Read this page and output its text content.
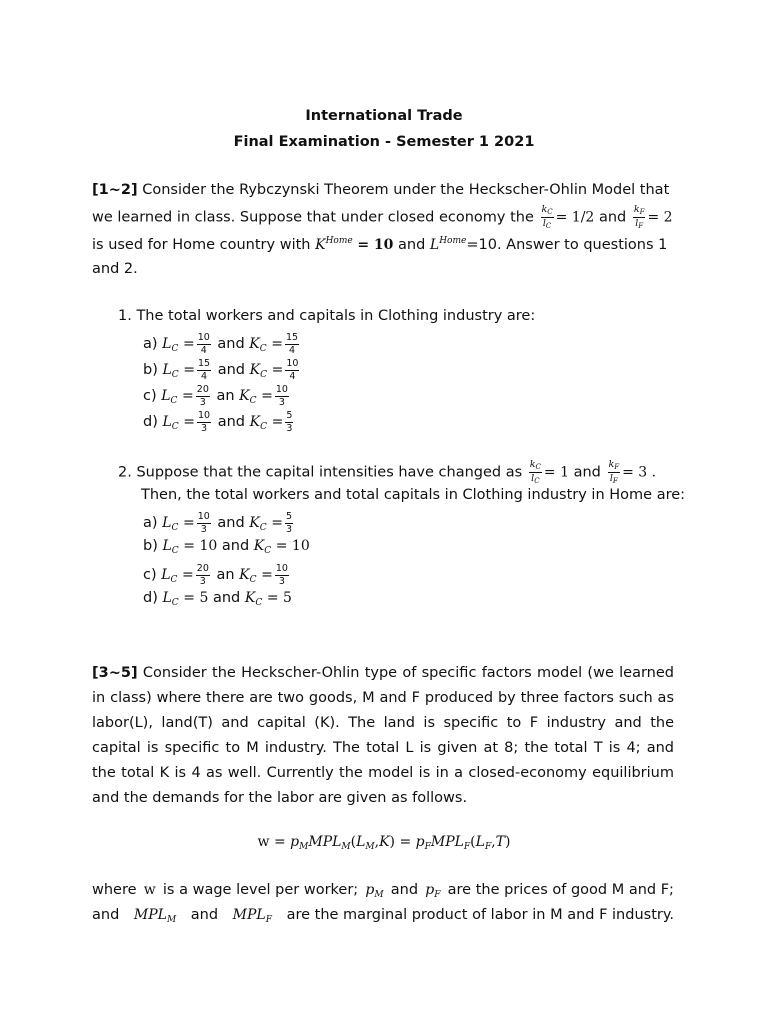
International Trade
Final Examination - Semester 1 2021
[1~2] Consider the Rybczynski Theorem under the Heckscher-Ohlin Model that
we learned in class. Suppose that under closed economy the $\frac{k_C}{l_C} = 1/2$ and $\frac{k_F}{l_F} = 2$
is used for Home country with $K^{Home} = 10$ and $L^{Home}=10$. Answer to questions 1
and 2.
1. The total workers and capitals in Clothing industry are:
a) $L_C = \frac{10}{4}$ and $K_C = \frac{15}{4}$
b) $L_C = \frac{15}{4}$ and $K_C = \frac{10}{4}$
c) $L_C = \frac{20}{3}$ an $K_C = \frac{10}{3}$
d) $L_C = \frac{10}{3}$ and $K_C = \frac{5}{3}$
2. Suppose that the capital intensities have changed as $\frac{k_C}{l_C} = 1$ and $\frac{k_F}{l_F} = 3$ .
Then, the total workers and total capitals in Clothing industry in Home are:
a) $L_C = \frac{10}{3}$ and $K_C = \frac{5}{3}$
b) $L_C = 10$ and $K_C = 10$
c) $L_C = \frac{20}{3}$ an $K_C = \frac{10}{3}$
d) $L_C = 5$ and $K_C = 5$
[3~5] Consider the Heckscher-Ohlin type of specific factors model (we learned in class) where there are two goods, M and F produced by three factors such as labor(L), land(T) and capital (K). The land is specific to F industry and the capital is specific to M industry. The total L is given at 8; the total T is 4; and the total K is 4 as well. Currently the model is in a closed-economy equilibrium and the demands for the labor are given as follows.
$w = p_MMPL_M(L_M,K) = p_FMPL_F(L_F,T)$
where w is a wage level per worker; $p_M$ and $p_F$ are the prices of good M and F;
and $MPL_M$ and $MPL_F$ are the marginal product of labor in M and F industry.
